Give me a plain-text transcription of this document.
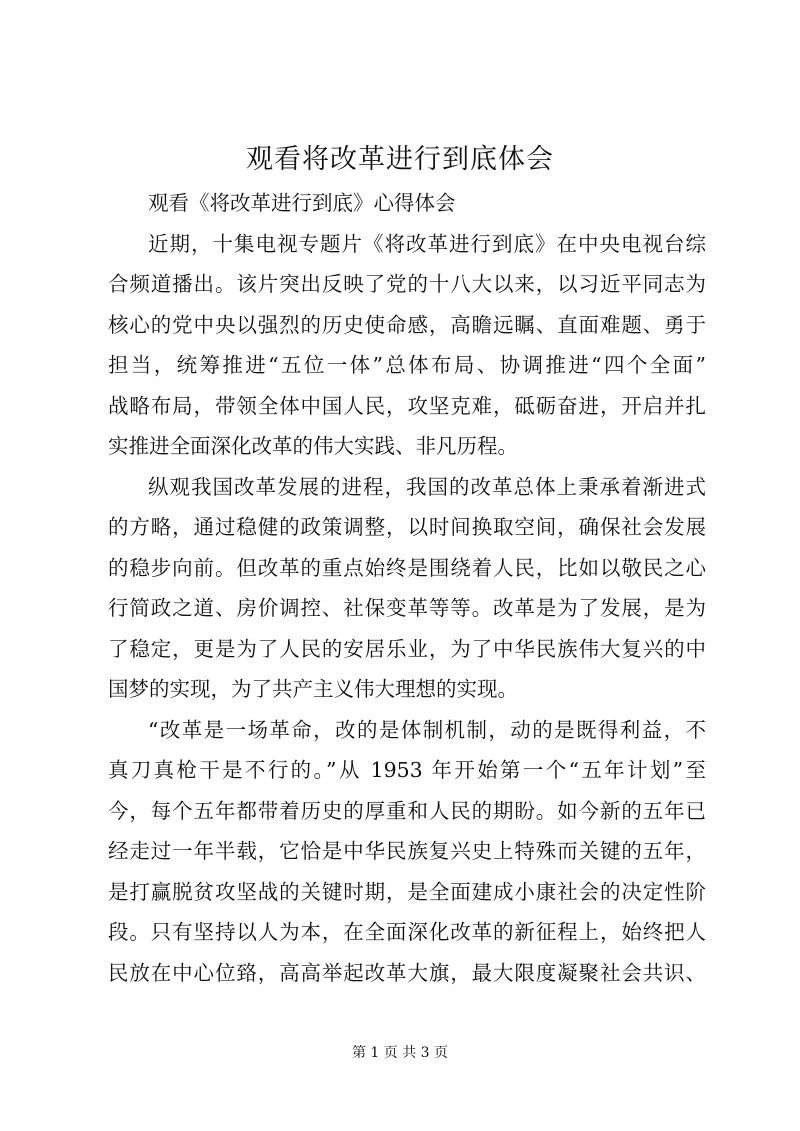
观看将改革进行到底体会
观看《将改革进行到底》心得体会
近期，十集电视专题片《将改革进行到底》在中央电视台综
合频道播出。该片突出反映了党的十八大以来，以习近平同志为
核心的党中央以强烈的历史使命感，高瞻远瞩、直面难题、勇于
担当，统筹推进“五位一体”总体布局、协调推进“四个全面”
战略布局，带领全体中国人民，攻坚克难，砥砺奋进，开启并扎
实推进全面深化改革的伟大实践、非凡历程。
纵观我国改革发展的进程，我国的改革总体上秉承着渐进式
的方略，通过稳健的政策调整，以时间换取空间，确保社会发展
的稳步向前。但改革的重点始终是围绕着人民，比如以敬民之心
行简政之道、房价调控、社保变革等等。改革是为了发展，是为
了稳定，更是为了人民的安居乐业，为了中华民族伟大复兴的中
国梦的实现，为了共产主义伟大理想的实现。
“改革是一场革命，改的是体制机制，动的是既得利益，不
真刀真枪干是不行的。”从 1953 年开始第一个“五年计划”至
今，每个五年都带着历史的厚重和人民的期盼。如今新的五年已
经走过一年半载，它恰是中华民族复兴史上特殊而关键的五年，
是打赢脱贫攻坚战的关键时期，是全面建成小康社会的决定性阶
段。只有坚持以人为本，在全面深化改革的新征程上，始终把人
民放在中心位臵，高高举起改革大旗，最大限度凝聚社会共识、
第 1 页 共 3 页
